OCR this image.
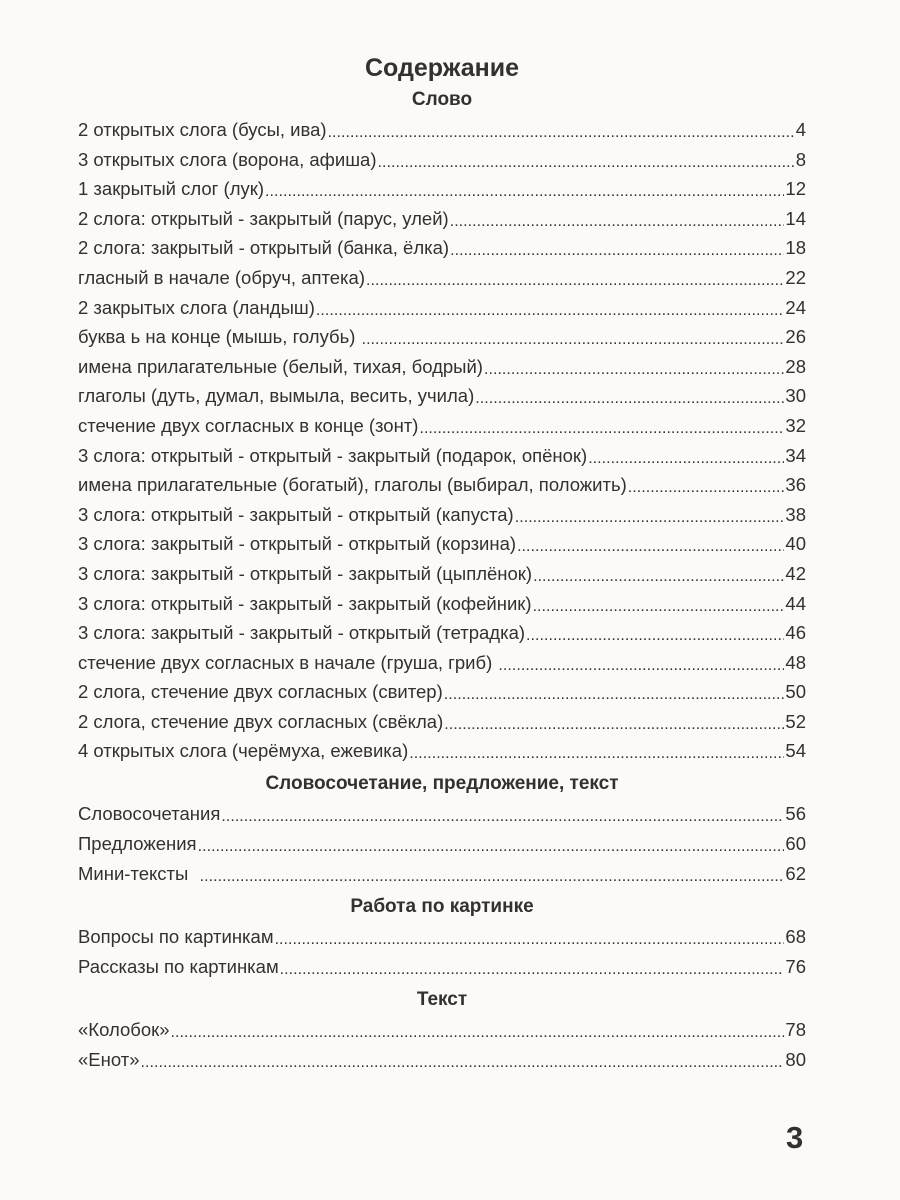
Содержание
Слово
2 открытых слога (бусы, ива) . . .	4
3 открытых слога (ворона, афиша) . . .	8
1 закрытый слог (лук) . . .	12
2 слога: открытый - закрытый (парус, улей) . . .	14
2 слога: закрытый - открытый (банка, ёлка) . . .	18
гласный в начале (обруч, аптека) . . .	22
2 закрытых слога (ландыш) . . .	24
буква ь на конце (мышь, голубь) . . .	26
имена прилагательные (белый, тихая, бодрый) . . .	28
глаголы (дуть, думал, вымыла, весить, учила) . . .	30
стечение двух согласных в конце (зонт) . . .	32
3 слога: открытый - открытый - закрытый (подарок, опёнок) . . .	34
имена прилагательные (богатый), глаголы (выбирал, положить) . . .	36
3 слога: открытый - закрытый - открытый (капуста) . . .	38
3 слога: закрытый - открытый - открытый (корзина) . . .	40
3 слога: закрытый - открытый - закрытый (цыплёнок) . . .	42
3 слога: открытый - закрытый - закрытый (кофейник) . . .	44
3 слога: закрытый - закрытый - открытый (тетрадка) . . .	46
стечение двух согласных в начале (груша, гриб) . . .	48
2 слога, стечение двух согласных (свитер) . . .	50
2 слога, стечение двух согласных (свёкла) . . .	52
4 открытых слога (черёмуха, ежевика) . . .	54
Словосочетание, предложение, текст
Словосочетания . . .	56
Предложения . . .	60
Мини-тексты . . .	62
Работа по картинке
Вопросы по картинкам . . .	68
Рассказы по картинкам . . .	76
Текст
«Колобок» . . .	78
«Енот» . . .	80
3
